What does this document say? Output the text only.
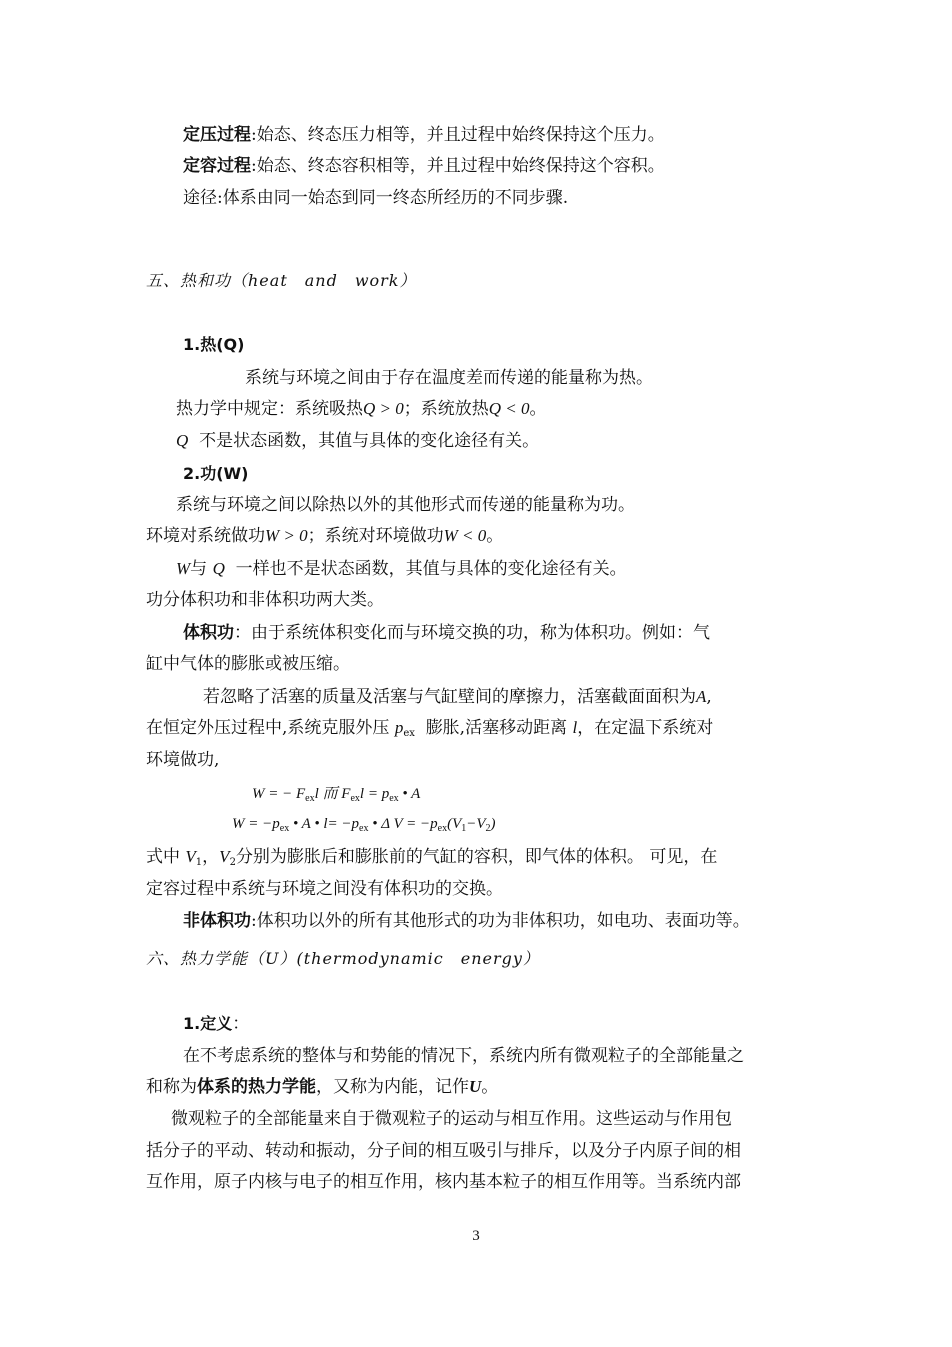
定压过程:始态、终态压力相等，并且过程中始终保持这个压力。
定容过程:始态、终态容积相等，并且过程中始终保持这个容积。
途径:体系由同一始态到同一终态所经历的不同步骤.
五、热和功（heat　and　work）
1.热(Q)
系统与环境之间由于存在温度差而传递的能量称为热。
热力学中规定：系统吸热Q > 0；系统放热Q < 0。
Q 不是状态函数，其值与具体的变化途径有关。
2.功(W)
系统与环境之间以除热以外的其他形式而传递的能量称为功。
环境对系统做功W > 0；系统对环境做功W < 0。
W与 Q 一样也不是状态函数，其值与具体的变化途径有关。
功分体积功和非体积功两大类。
体积功：由于系统体积变化而与环境交换的功，称为体积功。例如：气
缸中气体的膨胀或被压缩。
若忽略了活塞的质量及活塞与气缸壁间的摩擦力，活塞截面面积为A,
在恒定外压过程中,系统克服外压 $p_{ex}$ 膨胀,活塞移动距离 l，在定温下系统对
环境做功,
W = − $F_{ex}l$ 而 $F_{ex}l = p_{ex}$ • A
$W = -p_{ex}$ • A • $l= -p_{ex}$ • Δ $V = -p_{ex}(V_1-V_2)$
式中 $V_1$，$V_2$分别为膨胀后和膨胀前的气缸的容积，即气体的体积。 可见，在
定容过程中系统与环境之间没有体积功的交换。
非体积功:体积功以外的所有其他形式的功为非体积功，如电功、表面功等。
六、热力学能（U）(thermodynamic　energy）
1.定义：
在不考虑系统的整体与和势能的情况下，系统内所有微观粒子的全部能量之
和称为体系的热力学能，又称为内能，记作U。
微观粒子的全部能量来自于微观粒子的运动与相互作用。这些运动与作用包
括分子的平动、转动和振动，分子间的相互吸引与排斥，以及分子内原子间的相
互作用，原子内核与电子的相互作用，核内基本粒子的相互作用等。当系统内部
3
